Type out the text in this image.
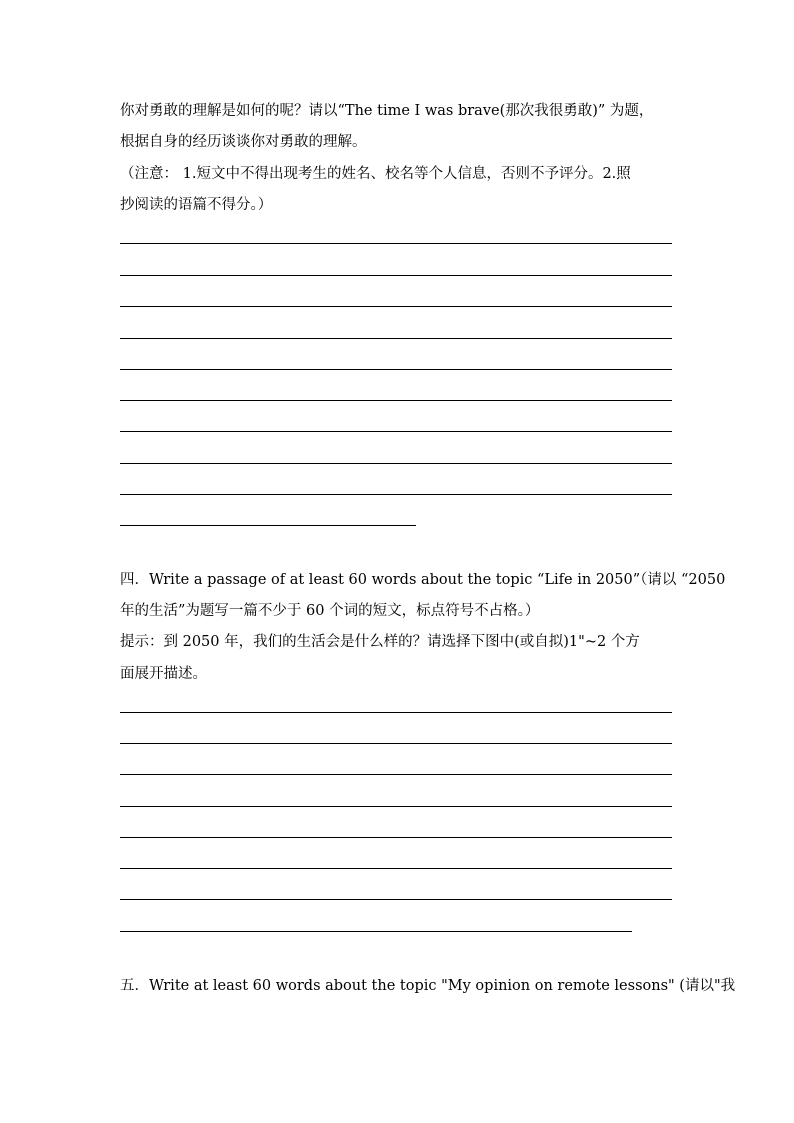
你对勇敢的理解是如何的呢？请以“The time I was brave(那次我很勇敢)” 为题，
根据自身的经历谈谈你对勇敢的理解。
（注意： 1.短文中不得出现考生的姓名、校名等个人信息，否则不予评分。2.照
抄阅读的语篇不得分。）
四．Write a passage of at least 60 words about the topic “Life in 2050”（请以 “2050
年的生活”为题写一篇不少于 60 个词的短文，标点符号不占格。）
提示：到 2050 年，我们的生活会是什么样的？请选择下图中(或自拟)1"~2 个方
面展开描述。
五．Write at least 60 words about the topic "My opinion on remote lessons" (请以"我
